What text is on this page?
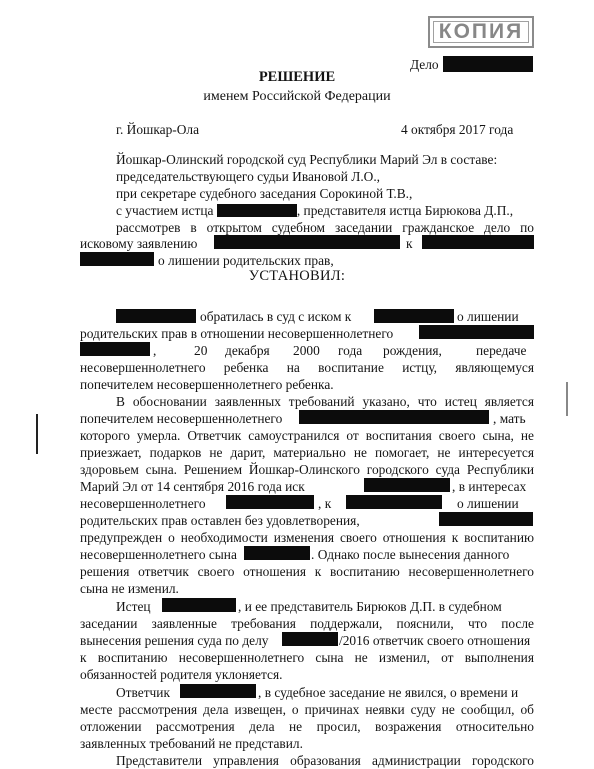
КОПИЯ
Дело
РЕШЕНИЕ
именем Российской Федерации
г. Йошкар-Ола	4 октября 2017 года
Йошкар-Олинский городской суд Республики Марий Эл в составе:
председательствующего судьи Ивановой Л.О.,
при секретаре судебного заседания Сорокиной Т.В.,
с участием истца	, представителя истца Бирюкова Д.П.,
рассмотрев в открытом судебном заседании гражданское дело по
исковому заявлению	к
о лишении родительских прав,
УСТАНОВИЛ:
обратилась в суд с иском к	о лишении
родительских прав в отношении несовершеннолетнего
,	20 декабря 2000 года рождения,	передаче
несовершеннолетнего ребенка на воспитание истцу, являющемуся
попечителем несовершеннолетнего ребенка.
В обосновании заявленных требований указано, что истец является
попечителем несовершеннолетнего	, мать
которого умерла. Ответчик самоустранился от воспитания своего сына, не
приезжает, подарков не дарит, материально не помогает, не интересуется
здоровьем сына. Решением Йошкар-Олинского городского суда Республики
Марий Эл от 14 сентября 2016 года иск	, в интересах
несовершеннолетнего	, к	о лишении
родительских прав оставлен без удовлетворения,
предупрежден о необходимости изменения своего отношения к воспитанию
несовершеннолетнего сына	. Однако после вынесения данного
решения ответчик своего отношения к воспитанию несовершеннолетнего
сына не изменил.
Истец	, и ее представитель Бирюков Д.П. в судебном
заседании заявленные требования поддержали, пояснили, что после
вынесения решения суда по делу	/2016 ответчик своего отношения
к воспитанию несовершеннолетнего сына не изменил, от выполнения
обязанностей родителя уклоняется.
Ответчик	, в судебное заседание не явился, о времени и
месте рассмотрения дела извещен, о причинах неявки суду не сообщил, об
отложении рассмотрения дела не просил, возражения относительно
заявленных требований не представил.
Представители управления образования администрации городского
